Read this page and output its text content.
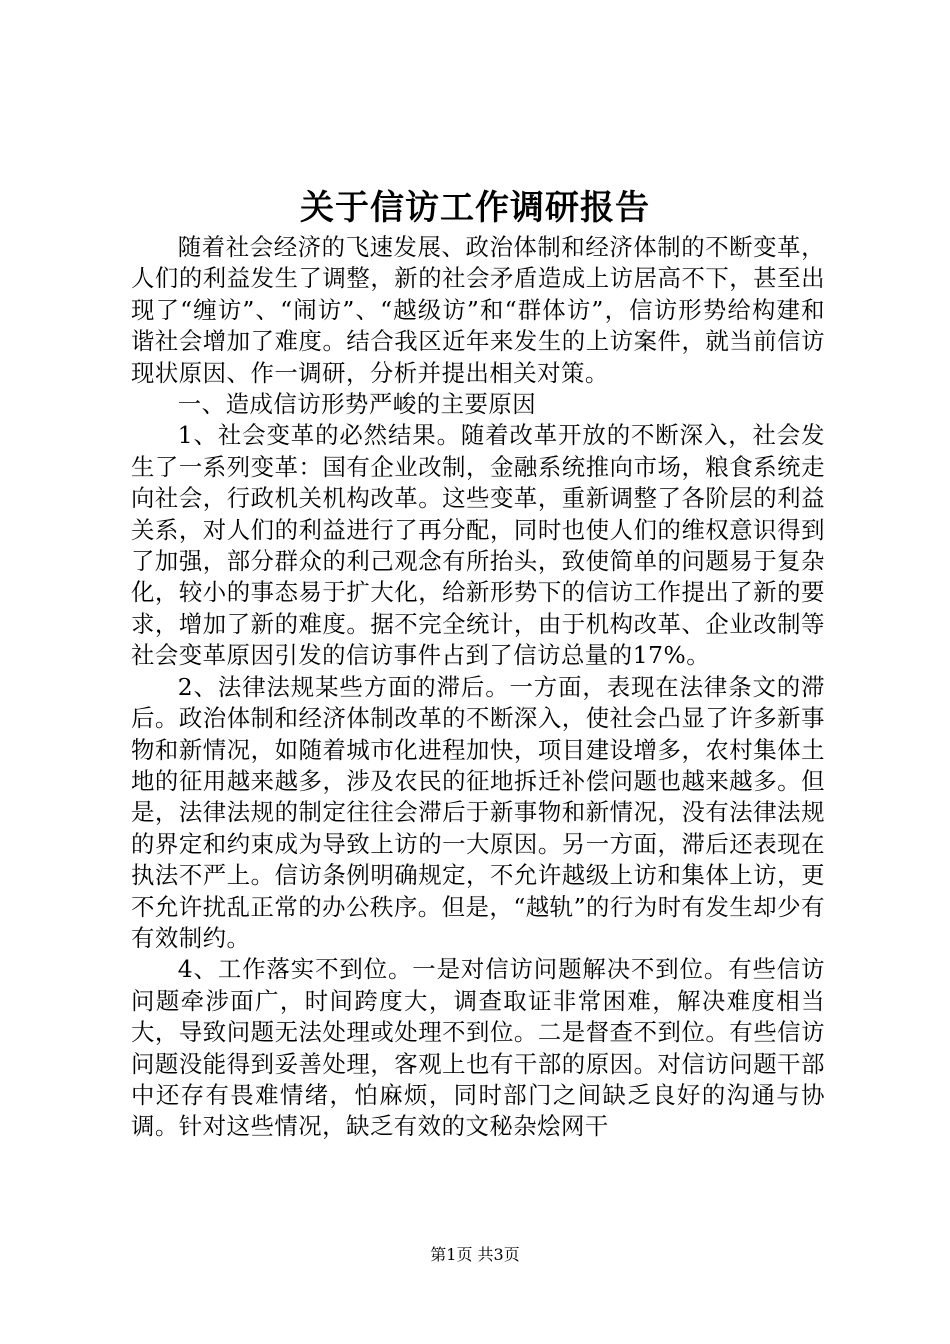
关于信访工作调研报告

随着社会经济的飞速发展、政治体制和经济体制的不断变革，人们的利益发生了调整，新的社会矛盾造成上访居高不下，甚至出现了“缠访”、“闹访”、“越级访”和“群体访”，信访形势给构建和谐社会增加了难度。结合我区近年来发生的上访案件，就当前信访现状原因、作一调研，分析并提出相关对策。

一、造成信访形势严峻的主要原因

1、社会变革的必然结果。随着改革开放的不断深入，社会发生了一系列变革：国有企业改制，金融系统推向市场，粮食系统走向社会，行政机关机构改革。这些变革，重新调整了各阶层的利益关系，对人们的利益进行了再分配，同时也使人们的维权意识得到了加强，部分群众的利己观念有所抬头，致使简单的问题易于复杂化，较小的事态易于扩大化，给新形势下的信访工作提出了新的要求，增加了新的难度。据不完全统计，由于机构改革、企业改制等社会变革原因引发的信访事件占到了信访总量的17%。

2、法律法规某些方面的滞后。一方面，表现在法律条文的滞后。政治体制和经济体制改革的不断深入，使社会凸显了许多新事物和新情况，如随着城市化进程加快，项目建设增多，农村集体土地的征用越来越多，涉及农民的征地拆迁补偿问题也越来越多。但是，法律法规的制定往往会滞后于新事物和新情况，没有法律法规的界定和约束成为导致上访的一大原因。另一方面，滞后还表现在执法不严上。信访条例明确规定，不允许越级上访和集体上访，更不允许扰乱正常的办公秩序。但是，“越轨”的行为时有发生却少有有效制约。

4、工作落实不到位。一是对信访问题解决不到位。有些信访问题牵涉面广，时间跨度大，调查取证非常困难，解决难度相当大，导致问题无法处理或处理不到位。二是督查不到位。有些信访问题没能得到妥善处理，客观上也有干部的原因。对信访问题干部中还存有畏难情绪，怕麻烦，同时部门之间缺乏良好的沟通与协调。针对这些情况，缺乏有效的文秘杂烩网干

第1页 共3页
